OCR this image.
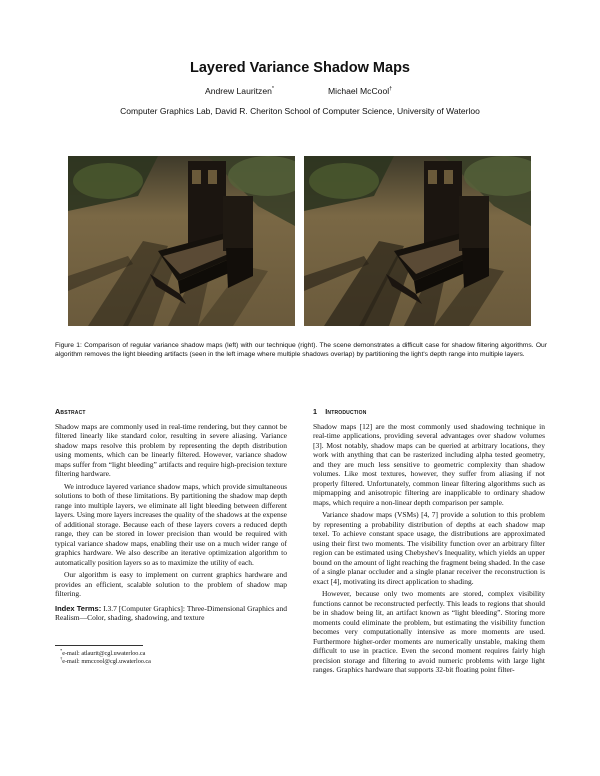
Layered Variance Shadow Maps
Andrew Lauritzen*	Michael McCool†
Computer Graphics Lab, David R. Cheriton School of Computer Science, University of Waterloo
Figure 1: Comparison of regular variance shadow maps (left) with our technique (right). The scene demonstrates a difficult case for shadow filtering algorithms. Our algorithm removes the light bleeding artifacts (seen in the left image where multiple shadows overlap) by partitioning the light's depth range into multiple layers.
Abstract

Shadow maps are commonly used in real-time rendering, but they cannot be filtered linearly like standard color, resulting in severe aliasing. Variance shadow maps resolve this problem by representing the depth distribution using moments, which can be linearly filtered. However, variance shadow maps suffer from “light bleeding” artifacts and require high-precision texture filtering hardware.

We introduce layered variance shadow maps, which provide simultaneous solutions to both of these limitations. By partitioning the shadow map depth range into multiple layers, we eliminate all light bleeding between different layers. Using more layers increases the quality of the shadows at the expense of additional storage. Because each of these layers covers a reduced depth range, they can be stored in lower precision than would be required with typical variance shadow maps, enabling their use on a much wider range of graphics hardware. We also describe an iterative optimization algorithm to automatically position layers so as to maximize the utility of each.

Our algorithm is easy to implement on current graphics hardware and provides an efficient, scalable solution to the problem of shadow map filtering.

Index Terms: I.3.7 [Computer Graphics]: Three-Dimensional Graphics and Realism—Color, shading, shadowing, and texture
*e-mail: atlaurit@cgl.uwaterloo.ca
†e-mail: mmccool@cgl.uwaterloo.ca
1 Introduction

Shadow maps [12] are the most commonly used shadowing technique in real-time applications, providing several advantages over shadow volumes [3]. Most notably, shadow maps can be queried at arbitrary locations, they work with anything that can be rasterized including alpha tested geometry, and they are much less sensitive to geometric complexity than shadow volumes. Like most textures, however, they suffer from aliasing if not properly filtered. Unfortunately, common linear filtering algorithms such as mipmapping and anisotropic filtering are inapplicable to ordinary shadow maps, which require a non-linear depth comparison per sample.

Variance shadow maps (VSMs) [4, 7] provide a solution to this problem by representing a probability distribution of depths at each shadow map texel. To achieve constant space usage, the distributions are approximated using their first two moments. The visibility function over an arbitrary filter region can be estimated using Chebyshev's Inequality, which yields an upper bound on the amount of light reaching the fragment being shaded. In the case of a single planar occluder and a single planar receiver the reconstruction is exact [4], motivating its direct application to shading.

However, because only two moments are stored, complex visibility functions cannot be reconstructed perfectly. This leads to regions that should be in shadow being lit, an artifact known as “light bleeding”. Storing more moments could eliminate the problem, but estimating the visibility function becomes very computationally intensive as more moments are used. Furthermore higher-order moments are numerically unstable, making them difficult to use in practice. Even the second moment requires fairly high precision storage and filtering to avoid numeric problems with large light ranges. Graphics hardware that supports 32-bit floating point filter-
